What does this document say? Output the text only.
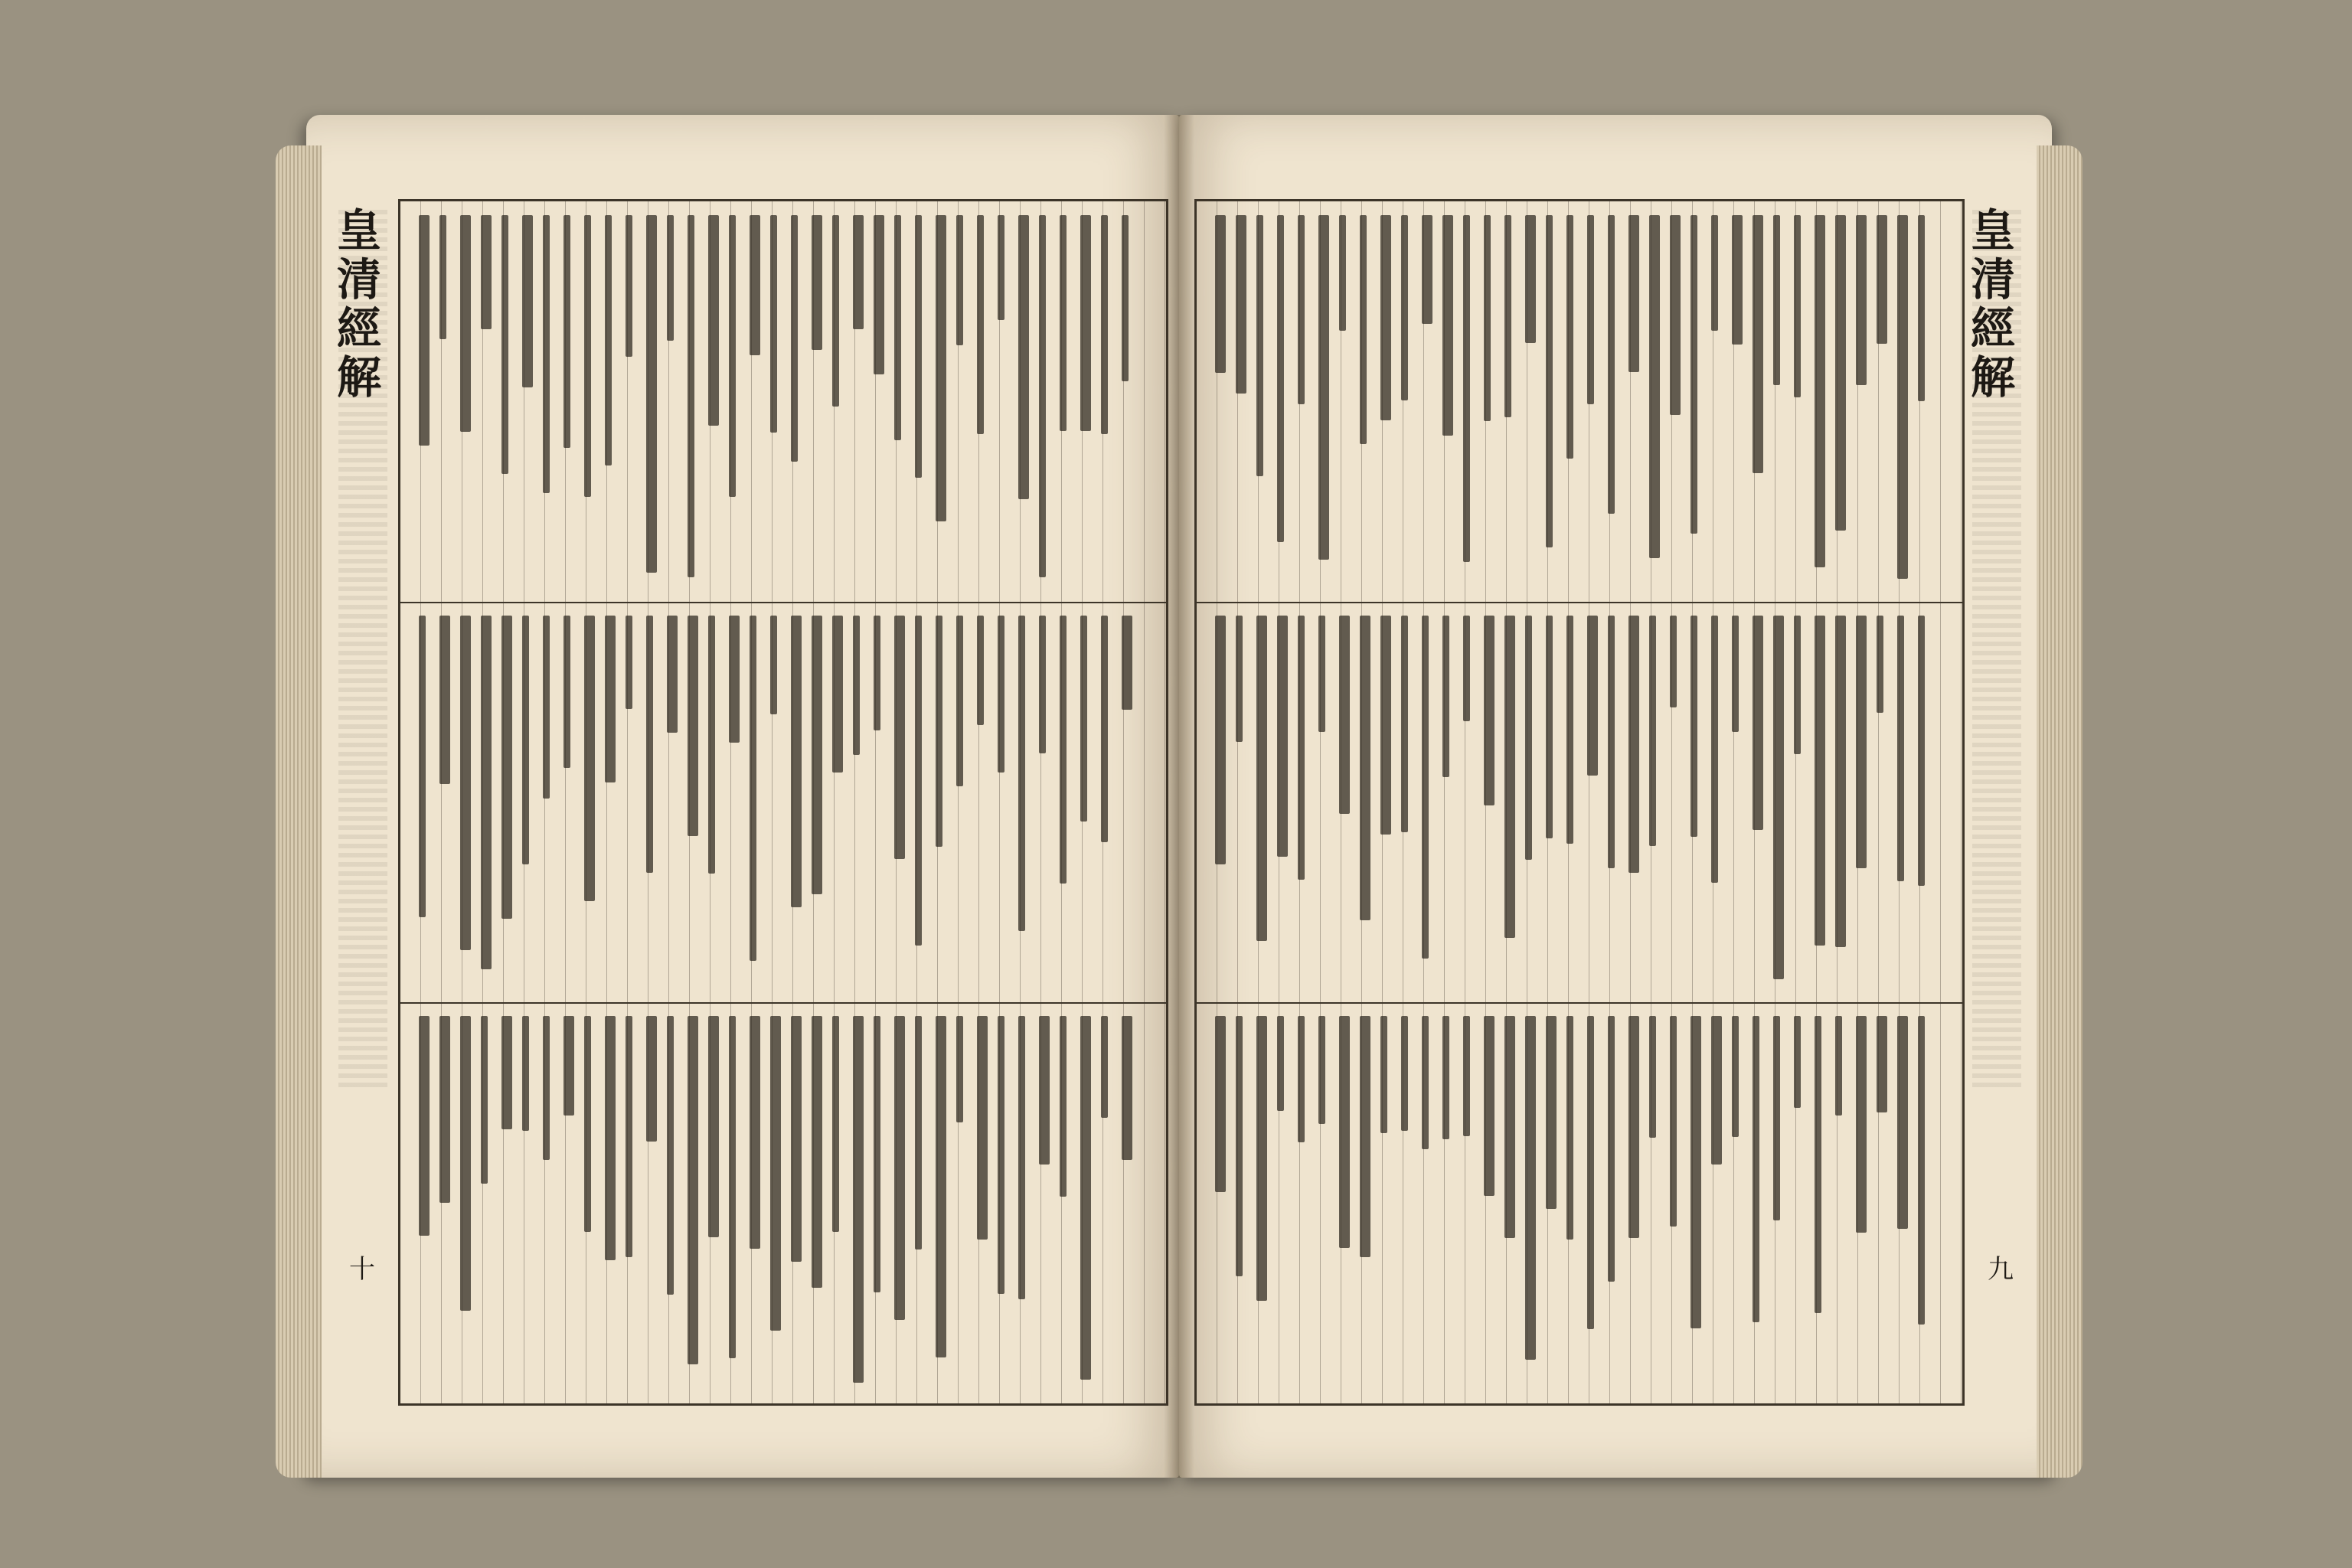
皇清經解
十
皇清經解
九
